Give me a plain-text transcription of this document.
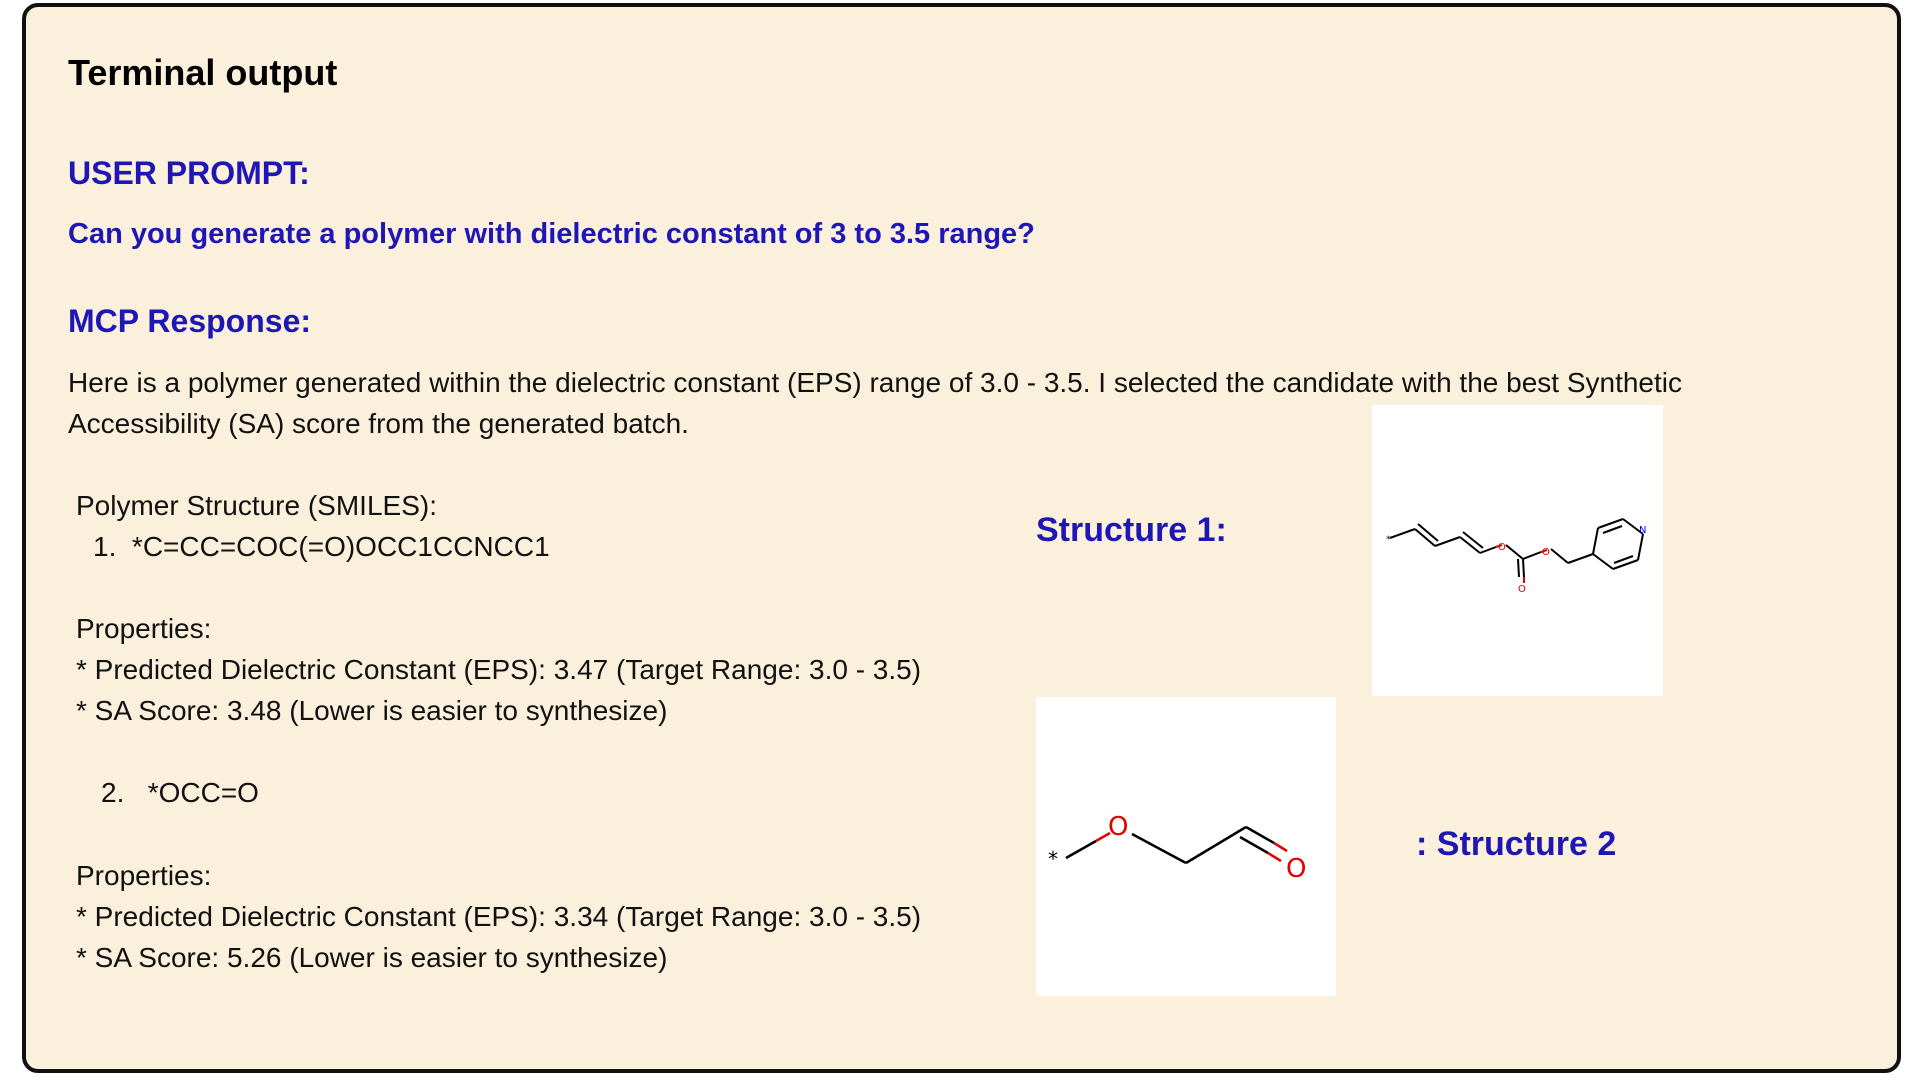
Terminal output
USER PROMPT:
Can you generate a polymer with dielectric constant of 3 to 3.5 range?
MCP Response:
Here is a polymer generated within the dielectric constant (EPS) range of 3.0 - 3.5. I selected the candidate with the best Synthetic
Accessibility (SA) score from the generated batch.
Polymer Structure (SMILES):
1. *C=CC=COC(=O)OCC1CCNCC1
Properties:
* Predicted Dielectric Constant (EPS): 3.47 (Target Range: 3.0 - 3.5)
* SA Score: 3.48 (Lower is easier to synthesize)
2. *OCC=O
Properties:
* Predicted Dielectric Constant (EPS): 3.34 (Target Range: 3.0 - 3.5)
* SA Score: 5.26 (Lower is easier to synthesize)
Structure 1:
: Structure 2
*
O	O
O
N
*
O
O
